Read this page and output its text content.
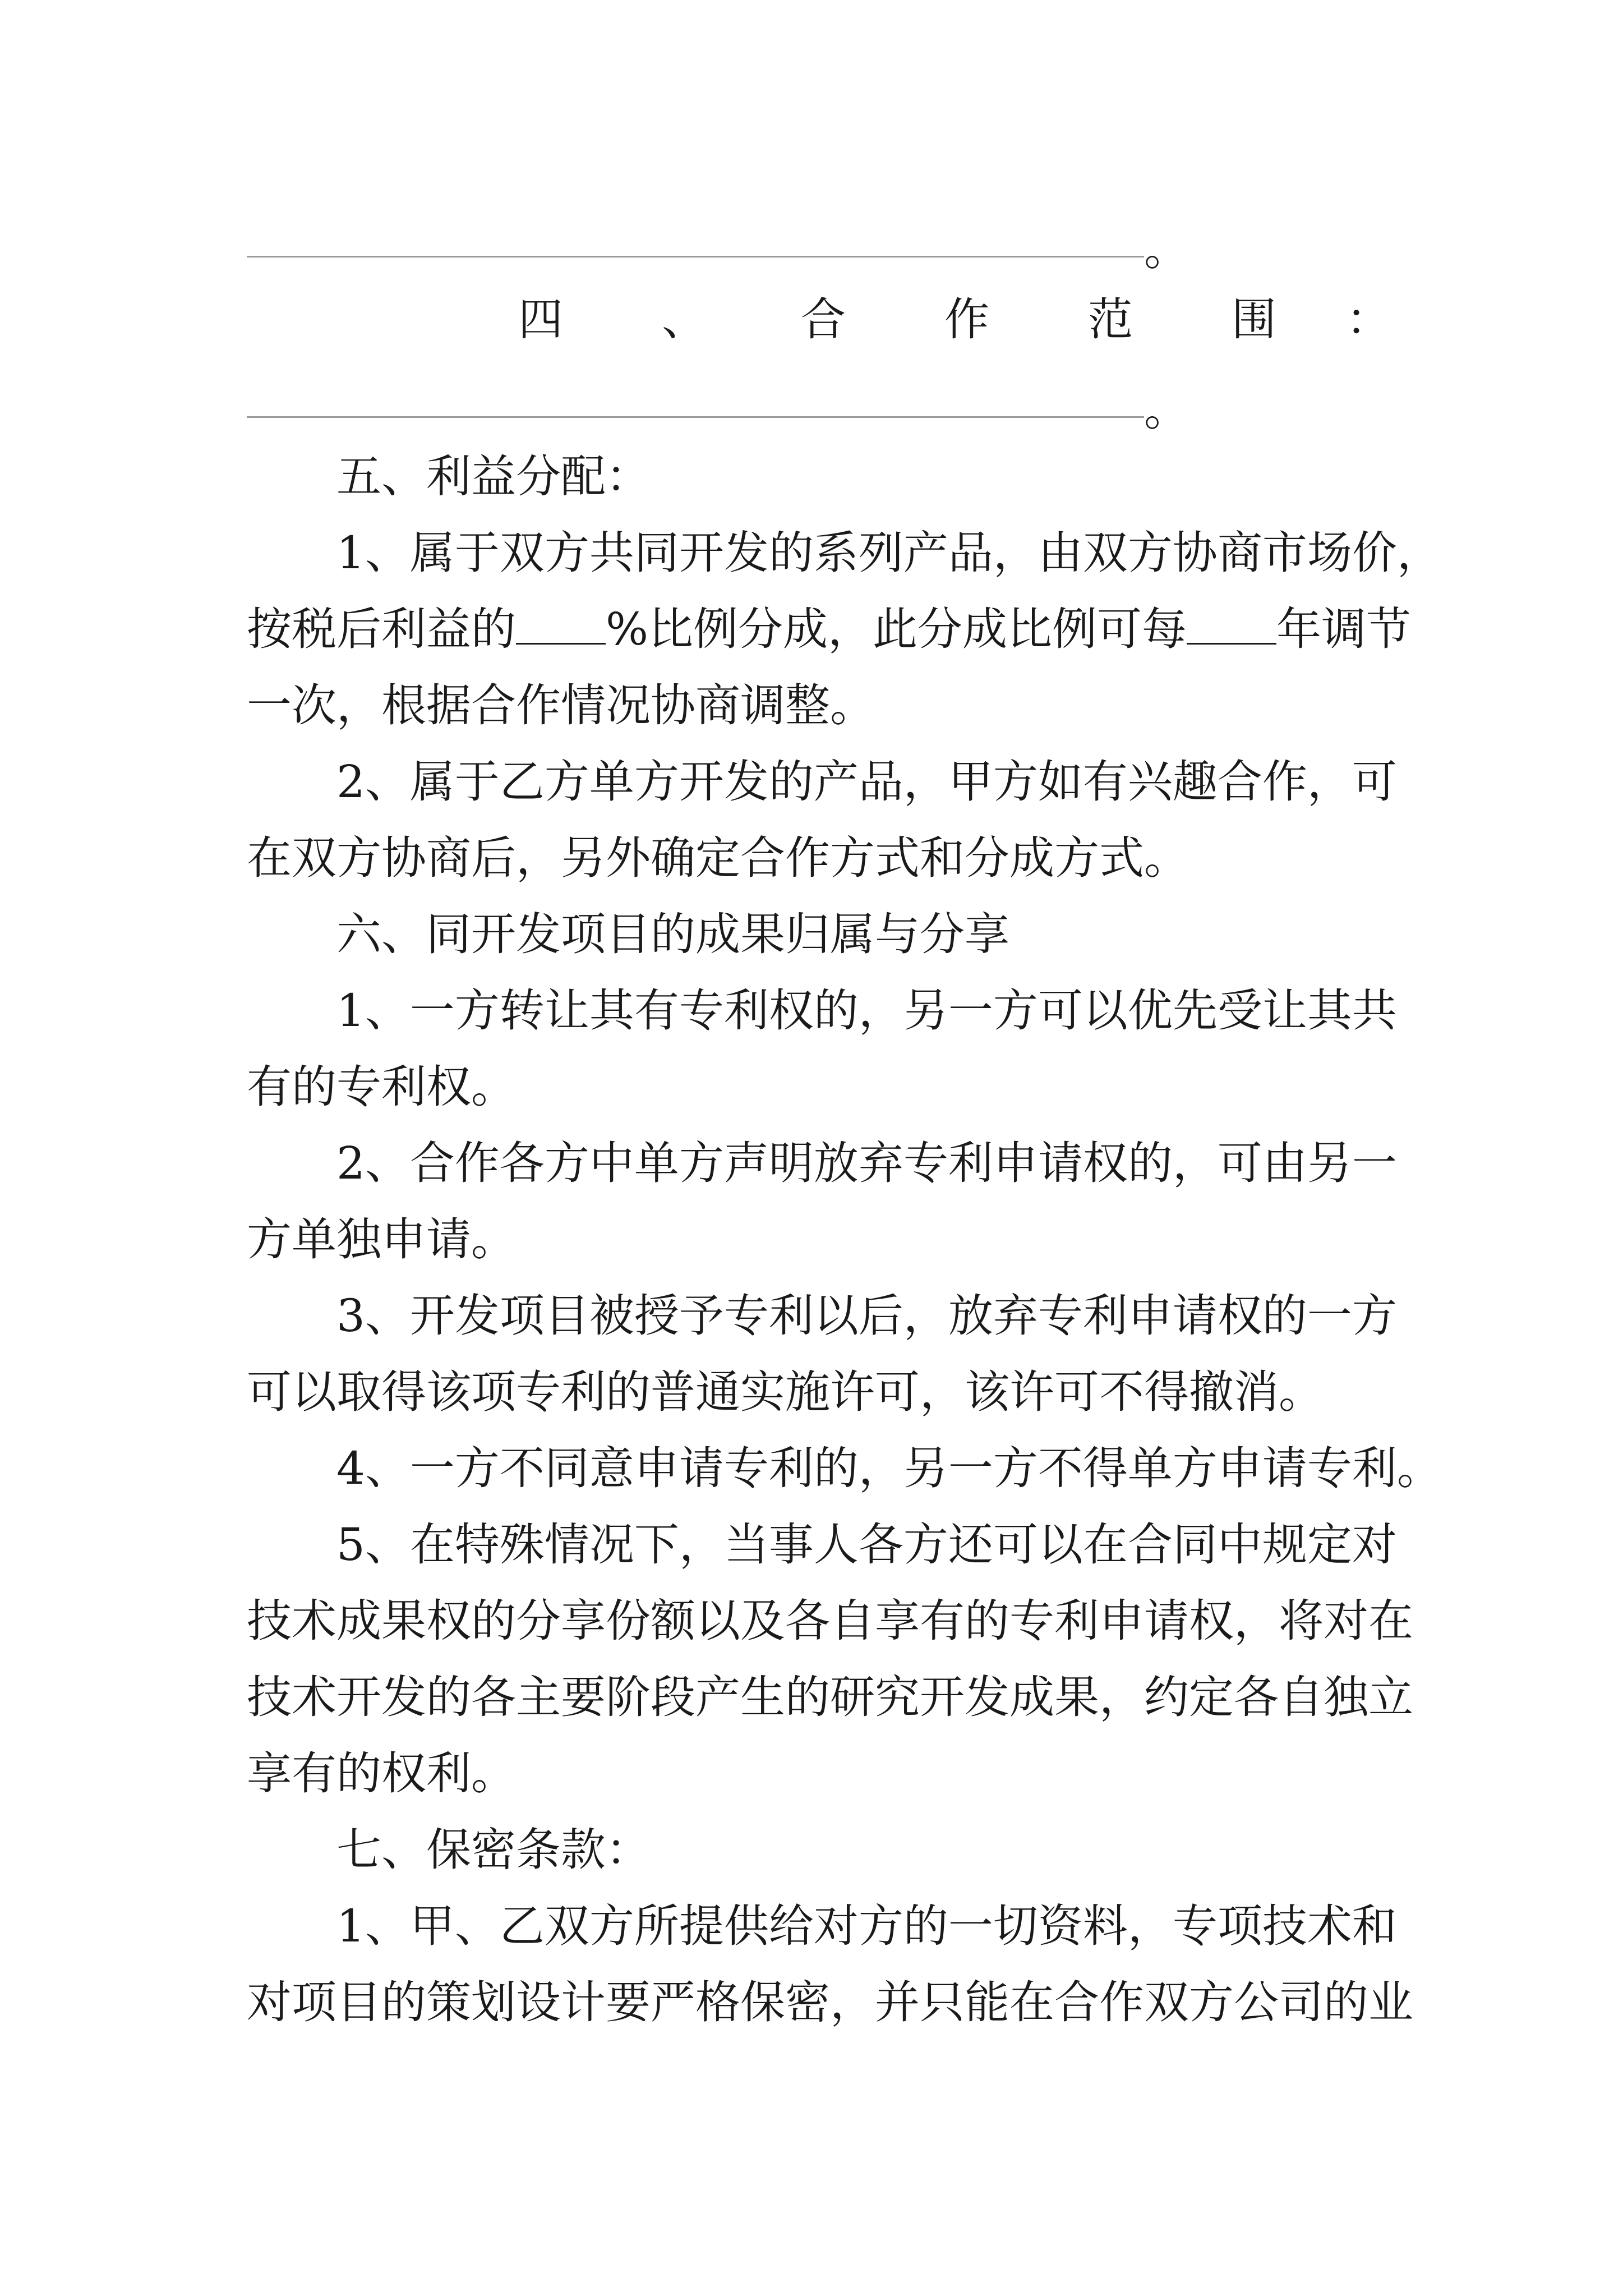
。
四 、 合 作 范 围 ：
。
五、利益分配：
1、属于双方共同开发的系列产品，由双方协商市场价，
按税后利益的 %比例分成，此分成比例可每 年调节
一次，根据合作情况协商调整。
2、属于乙方单方开发的产品，甲方如有兴趣合作，可
在双方协商后，另外确定合作方式和分成方式。
六、同开发项目的成果归属与分享
1、一方转让其有专利权的，另一方可以优先受让其共
有的专利权。
2、合作各方中单方声明放弃专利申请权的，可由另一
方单独申请。
3、开发项目被授予专利以后，放弃专利申请权的一方
可以取得该项专利的普通实施许可，该许可不得撤消。
4、一方不同意申请专利的，另一方不得单方申请专利。
5、在特殊情况下，当事人各方还可以在合同中规定对
技术成果权的分享份额以及各自享有的专利申请权，将对在
技术开发的各主要阶段产生的研究开发成果，约定各自独立
享有的权利。
七、保密条款：
1、甲、乙双方所提供给对方的一切资料，专项技术和
对项目的策划设计要严格保密，并只能在合作双方公司的业
